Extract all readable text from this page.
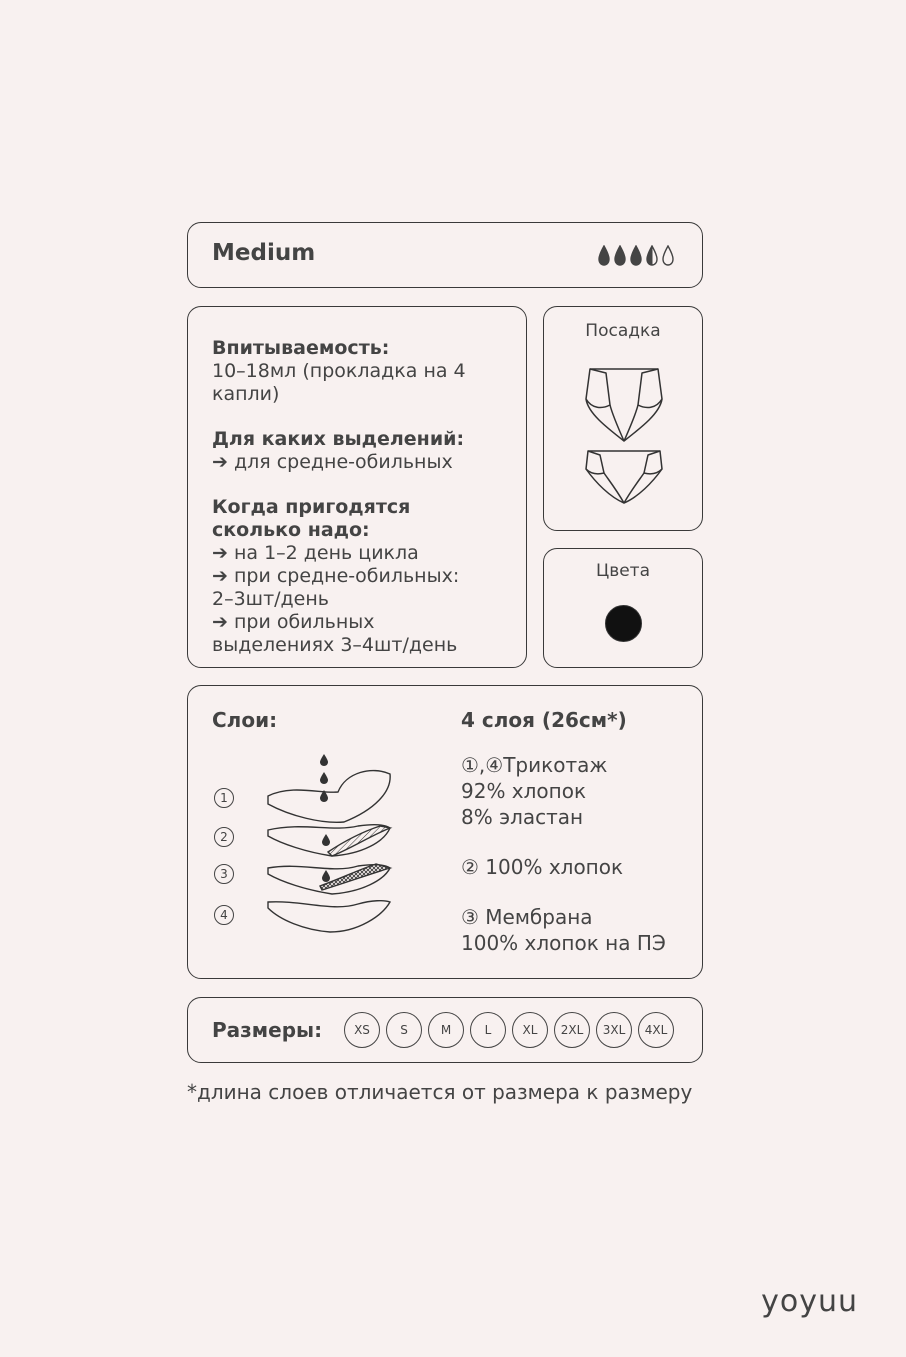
Medium
Впитываемость:
10–18мл (прокладка на 4 капли)
Для каких выделений:
➔ для средне-обильных
Когда пригодятся
сколько надо:
➔ на 1–2 день цикла
➔ при средне-обильных:
2–3шт/день
➔ при обильных
выделениях 3–4шт/день
Посадка
Цвета
Слои:	4 слоя (26см*)
1
2
3
4
①,④Трикотаж
92% хлопок
8% эластан
② 100% хлопок
③ Мембрана
100% хлопок на ПЭ
Размеры:	XS	S	M	L	XL	2XL	3XL	4XL
*длина слоев отличается от размера к размеру
yoyuu
